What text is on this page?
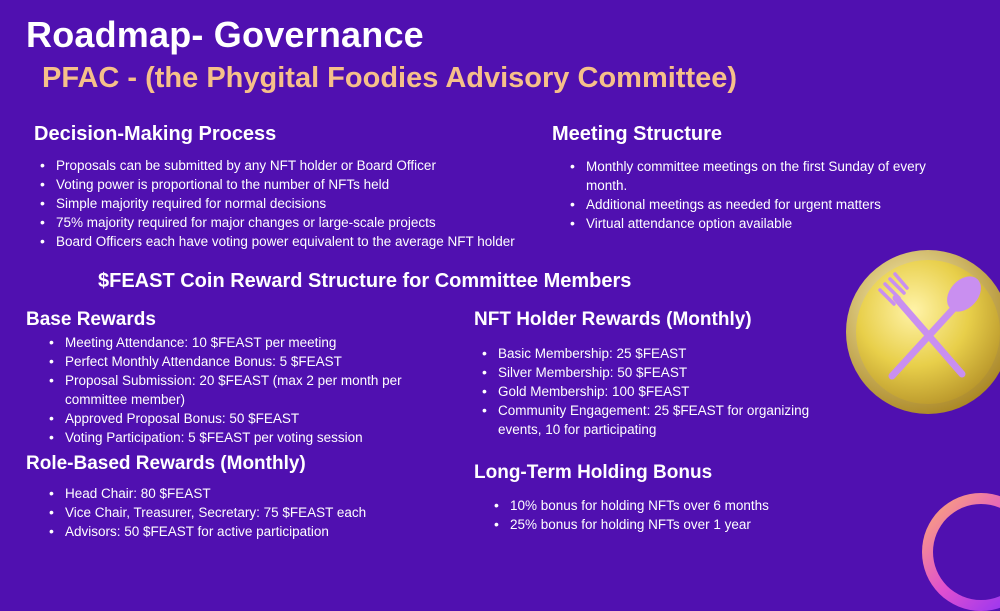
Roadmap- Governance
PFAC - (the Phygital Foodies Advisory Committee)
Decision-Making Process
• Proposals can be submitted by any NFT holder or Board Officer
• Voting power is proportional to the number of NFTs held
• Simple majority required for normal decisions
• 75% majority required for major changes or large-scale projects
• Board Officers each have voting power equivalent to the average NFT holder
Meeting Structure
• Monthly committee meetings on the first Sunday of every month.
• Additional meetings as needed for urgent matters
• Virtual attendance option available
$FEAST Coin Reward Structure for Committee Members
Base Rewards
• Meeting Attendance: 10 $FEAST per meeting
• Perfect Monthly Attendance Bonus: 5 $FEAST
• Proposal Submission: 20 $FEAST (max 2 per month per committee member)
• Approved Proposal Bonus: 50 $FEAST
• Voting Participation: 5 $FEAST per voting session
Role-Based Rewards (Monthly)
• Head Chair: 80 $FEAST
• Vice Chair, Treasurer, Secretary: 75 $FEAST each
• Advisors: 50 $FEAST for active participation
NFT Holder Rewards (Monthly)
• Basic Membership: 25 $FEAST
• Silver Membership: 50 $FEAST
• Gold Membership: 100 $FEAST
• Community Engagement: 25 $FEAST for organizing events, 10 for participating
Long-Term Holding Bonus
• 10% bonus for holding NFTs over 6 months
• 25% bonus for holding NFTs over 1 year
